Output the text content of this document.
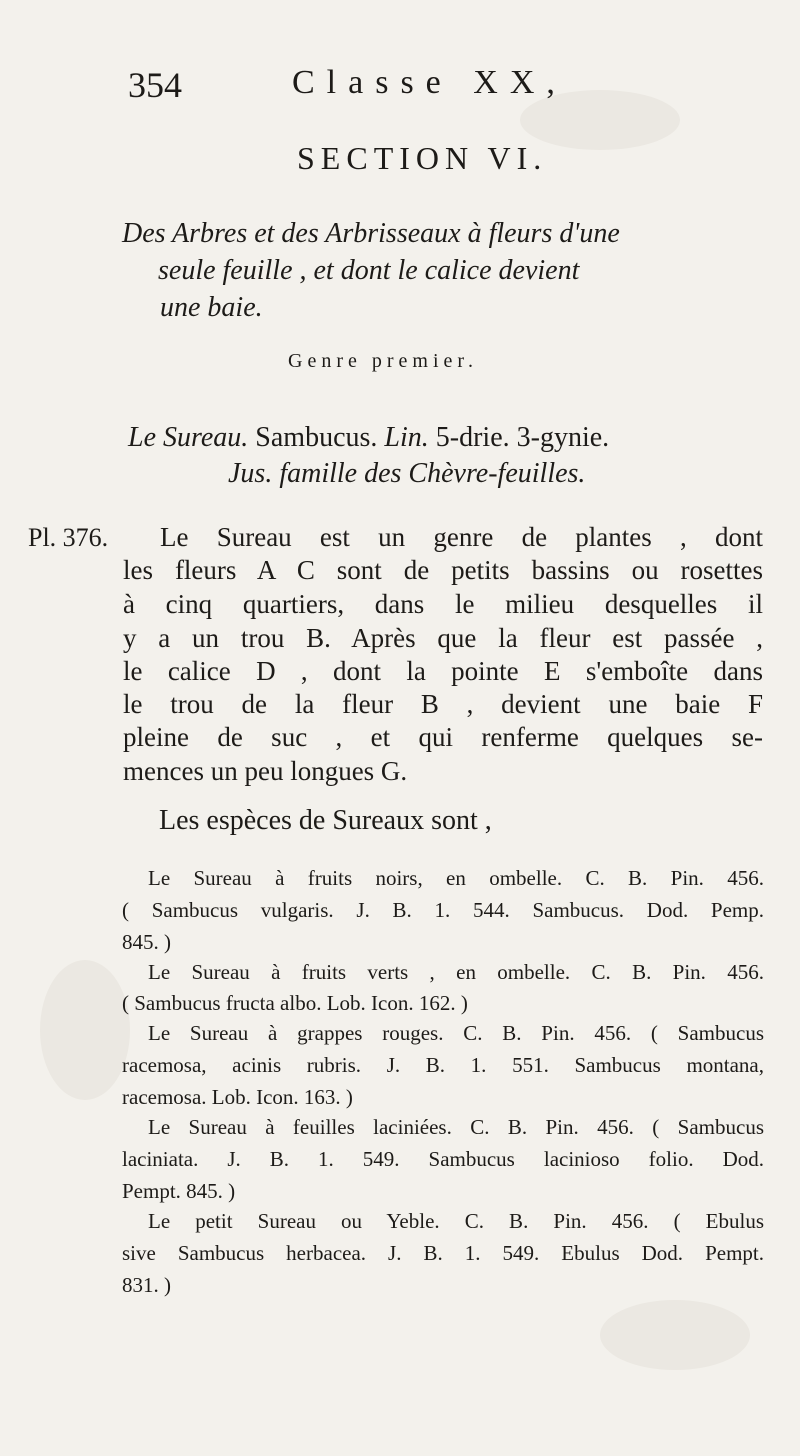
354	Classe XX,
SECTION VI.
Des Arbres et des Arbrisseaux à fleurs d'une
seule feuille , et dont le calice devient
une baie.
Genre premier.
Le Sureau. Sambucus. Lin. 5-drie. 3-gynie.
Jus. famille des Chèvre-feuilles.
Pl. 376. Le Sureau est un genre de plantes , dont
les fleurs A C sont de petits bassins ou rosettes
à cinq quartiers, dans le milieu desquelles il
y a un trou B. Après que la fleur est passée ,
le calice D , dont la pointe E s'emboîte dans
le trou de la fleur B , devient une baie F
pleine de suc , et qui renferme quelques se-
mences un peu longues G.
Les espèces de Sureaux sont ,
Le Sureau à fruits noirs, en ombelle. C. B. Pin. 456.
( Sambucus vulgaris. J. B. 1. 544. Sambucus. Dod. Pemp.
845. )
Le Sureau à fruits verts , en ombelle. C. B. Pin. 456.
( Sambucus fructa albo. Lob. Icon. 162. )
Le Sureau à grappes rouges. C. B. Pin. 456. ( Sambucus
racemosa, acinis rubris. J. B. 1. 551. Sambucus montana,
racemosa. Lob. Icon. 163. )
Le Sureau à feuilles laciniées. C. B. Pin. 456. ( Sambucus
laciniata. J. B. 1. 549. Sambucus lacinioso folio. Dod.
Pempt. 845. )
Le petit Sureau ou Yeble. C. B. Pin. 456. ( Ebulus
sive Sambucus herbacea. J. B. 1. 549. Ebulus Dod. Pempt.
831. )
